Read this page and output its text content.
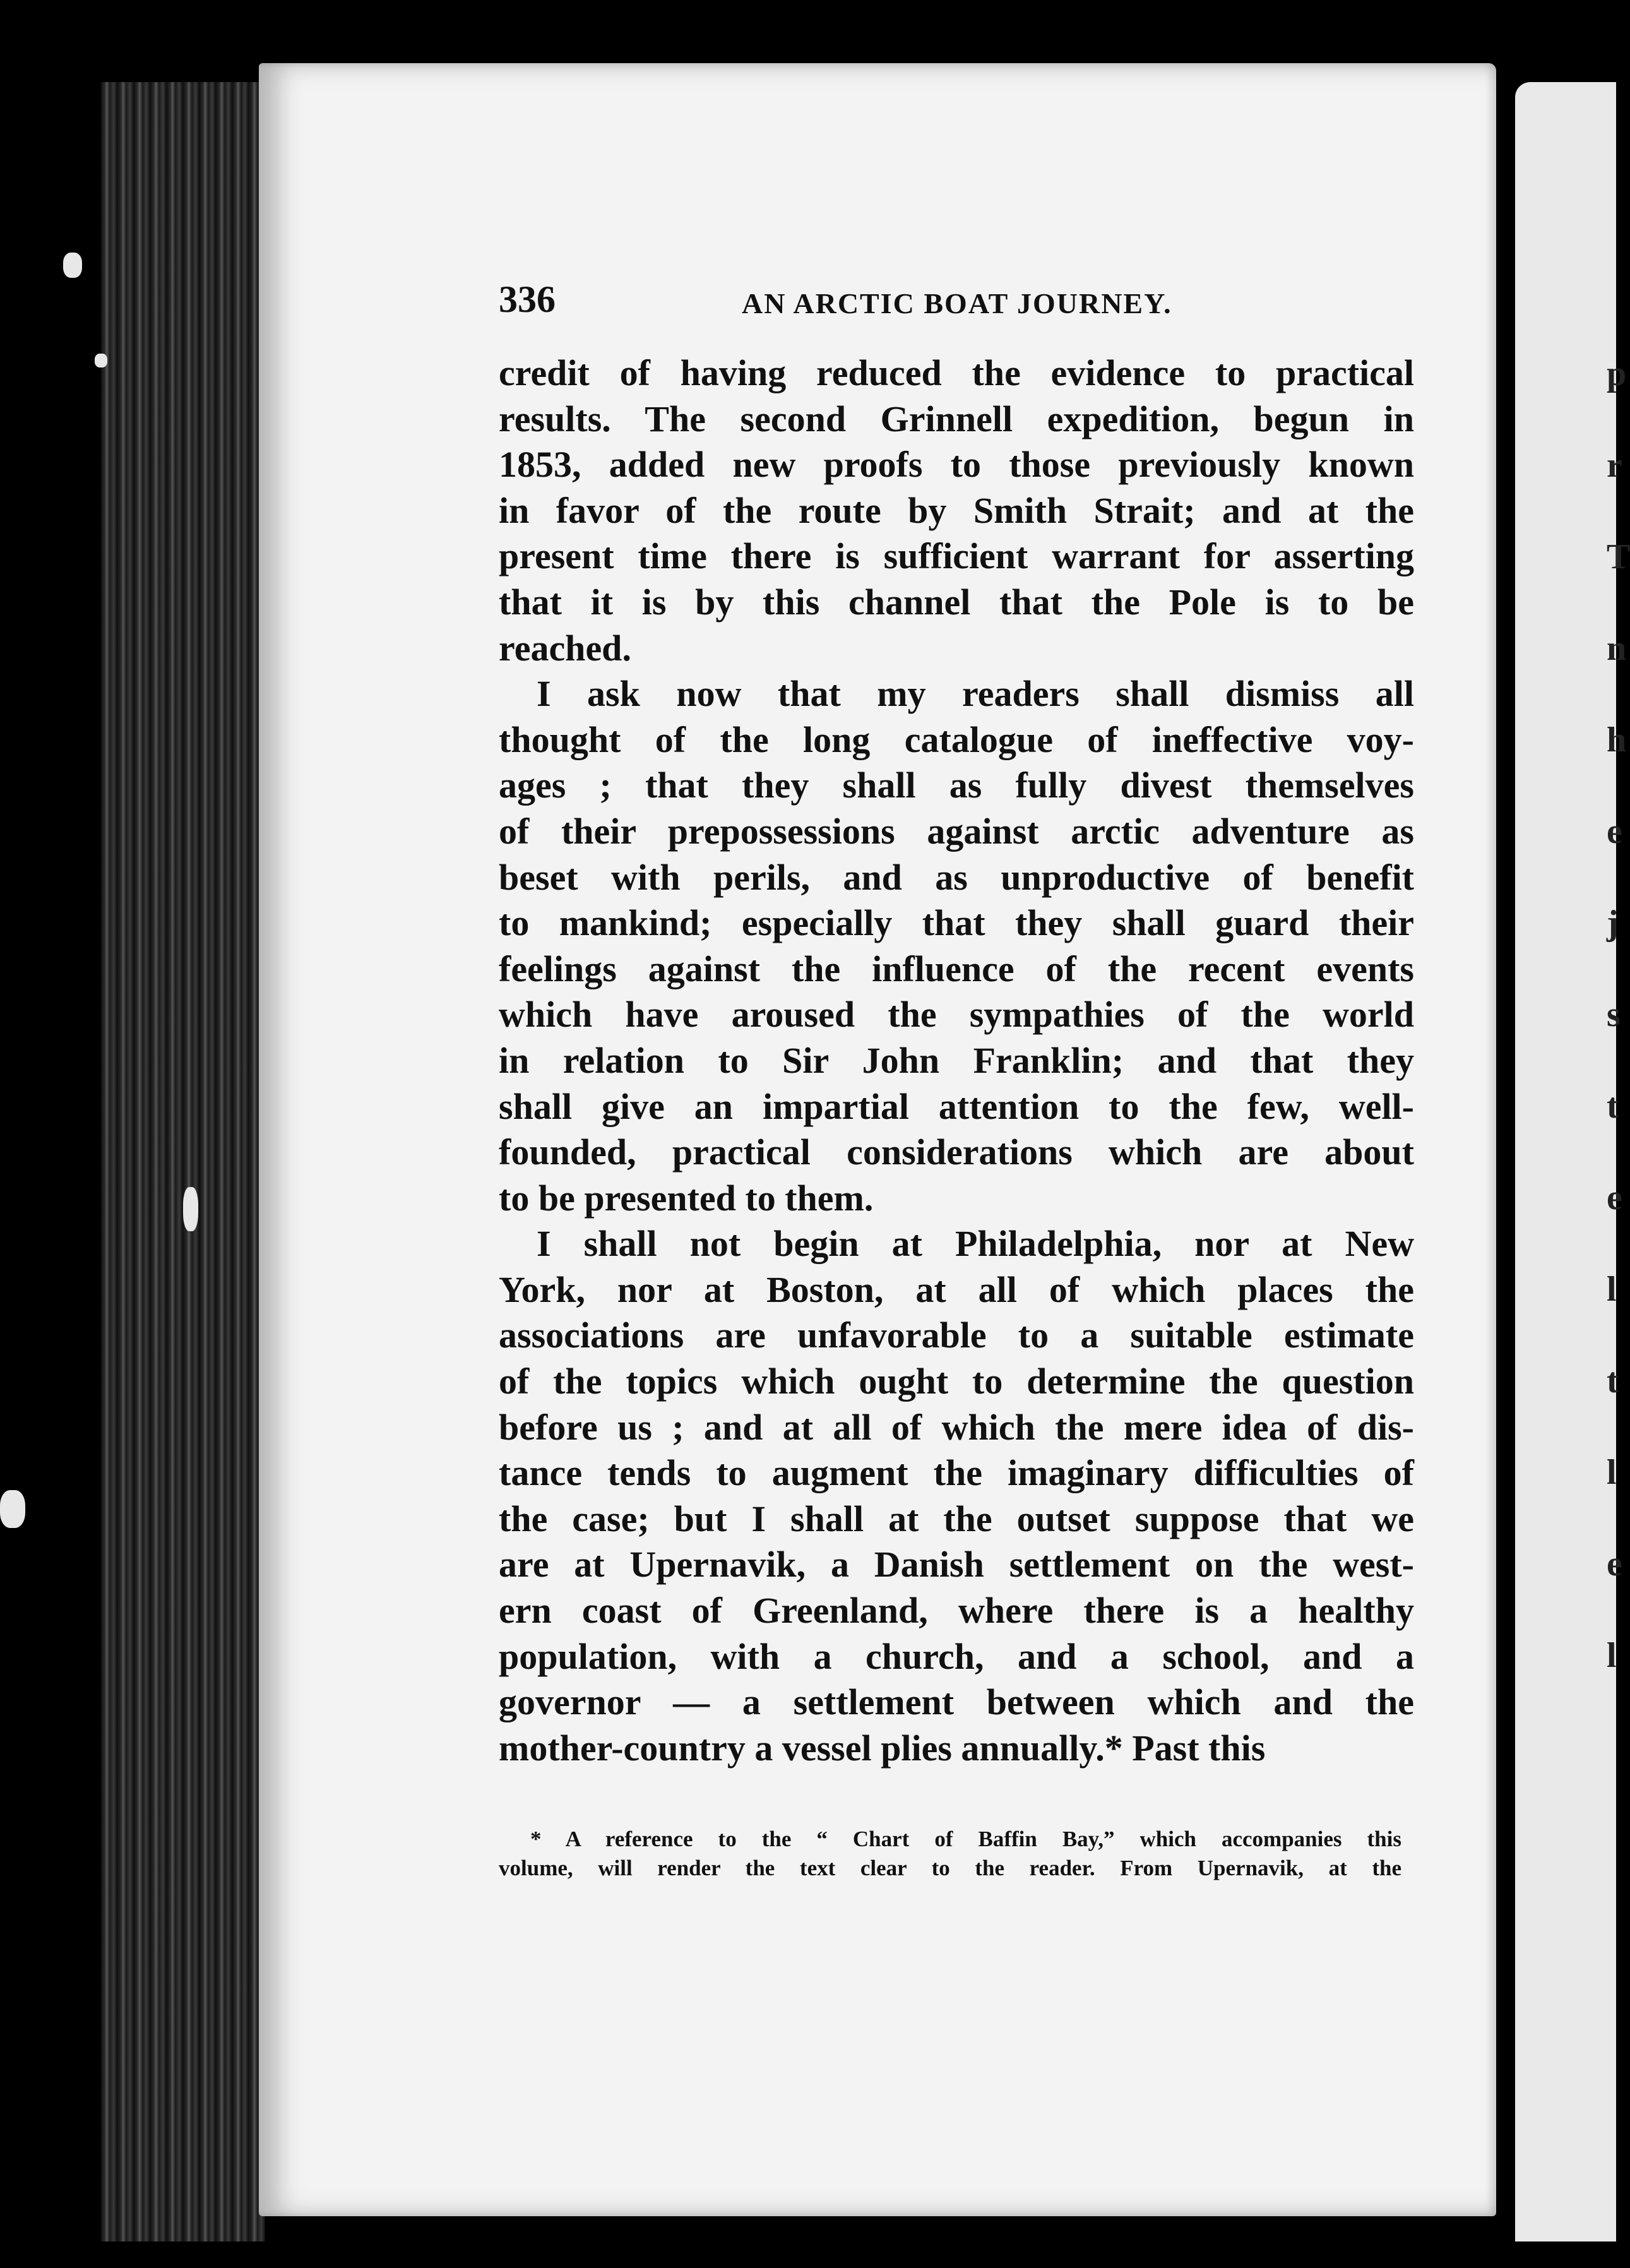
p
r
T
n
h
e
j
s
t
e
l
t
l
e
l
336	AN ARCTIC BOAT JOURNEY.
credit of having reduced the evidence to practical
results. The second Grinnell expedition, begun in
1853, added new proofs to those previously known
in favor of the route by Smith Strait; and at the
present time there is sufficient warrant for asserting
that it is by this channel that the Pole is to be
reached.
I ask now that my readers shall dismiss all
thought of the long catalogue of ineffective voy-
ages ; that they shall as fully divest themselves
of their prepossessions against arctic adventure as
beset with perils, and as unproductive of benefit
to mankind; especially that they shall guard their
feelings against the influence of the recent events
which have aroused the sympathies of the world
in relation to Sir John Franklin; and that they
shall give an impartial attention to the few, well-
founded, practical considerations which are about
to be presented to them.
I shall not begin at Philadelphia, nor at New
York, nor at Boston, at all of which places the
associations are unfavorable to a suitable estimate
of the topics which ought to determine the question
before us ; and at all of which the mere idea of dis-
tance tends to augment the imaginary difficulties of
the case; but I shall at the outset suppose that we
are at Upernavik, a Danish settlement on the west-
ern coast of Greenland, where there is a healthy
population, with a church, and a school, and a
governor — a settlement between which and the
mother-country a vessel plies annually.* Past this
* A reference to the “ Chart of Baffin Bay,” which accompanies this
volume, will render the text clear to the reader. From Upernavik, at the
